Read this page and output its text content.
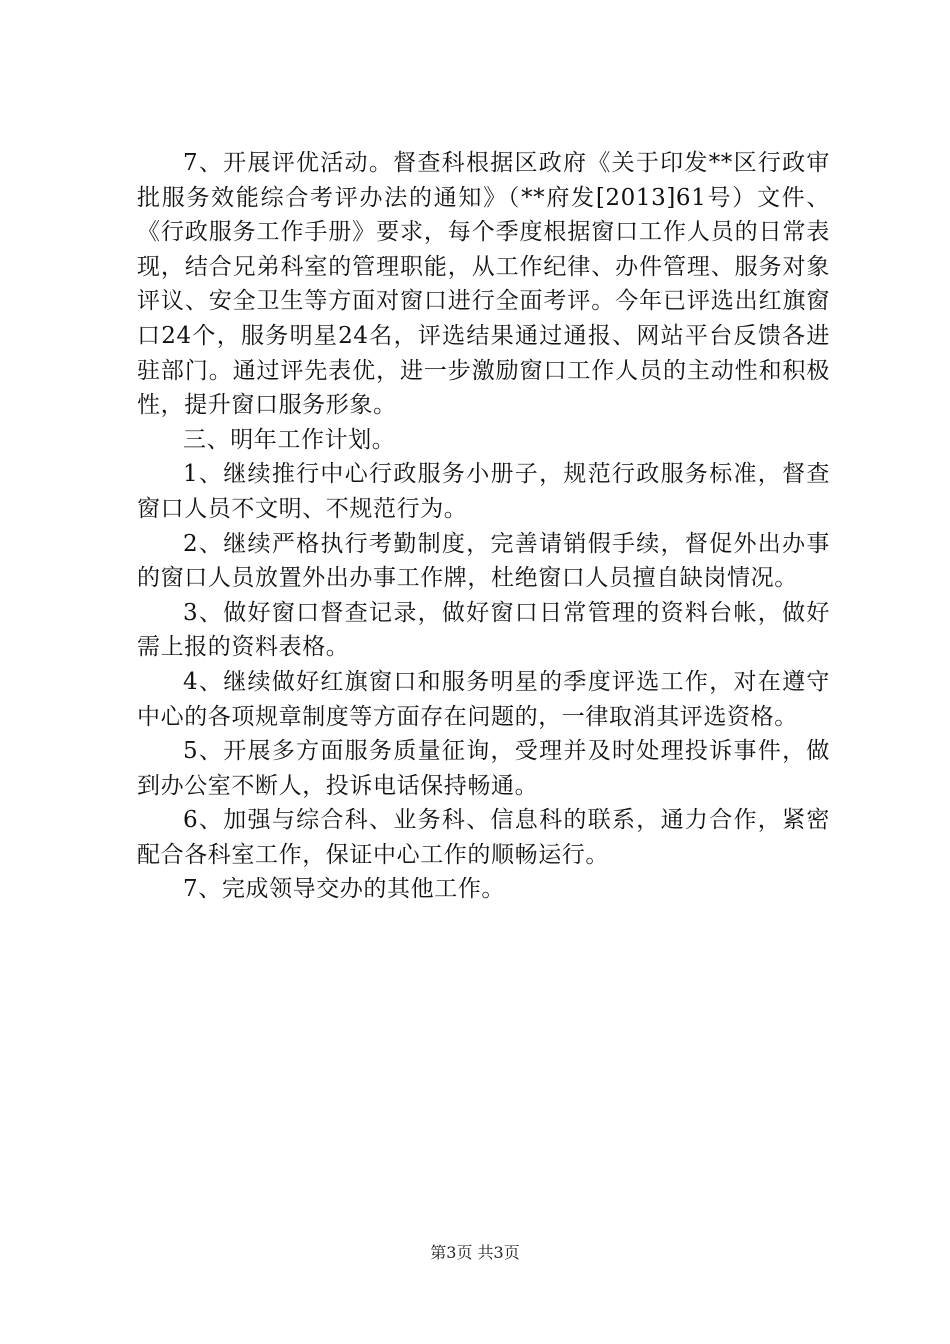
7、开展评优活动。督查科根据区政府《关于印发**区行政审批服务效能综合考评办法的通知》（**府发[2013]61号）文件、《行政服务工作手册》要求，每个季度根据窗口工作人员的日常表现，结合兄弟科室的管理职能，从工作纪律、办件管理、服务对象评议、安全卫生等方面对窗口进行全面考评。今年已评选出红旗窗口24个，服务明星24名，评选结果通过通报、网站平台反馈各进驻部门。通过评先表优，进一步激励窗口工作人员的主动性和积极性，提升窗口服务形象。

三、明年工作计划。

1、继续推行中心行政服务小册子，规范行政服务标准，督查窗口人员不文明、不规范行为。

2、继续严格执行考勤制度，完善请销假手续，督促外出办事的窗口人员放置外出办事工作牌，杜绝窗口人员擅自缺岗情况。

3、做好窗口督查记录，做好窗口日常管理的资料台帐，做好需上报的资料表格。

4、继续做好红旗窗口和服务明星的季度评选工作，对在遵守中心的各项规章制度等方面存在问题的，一律取消其评选资格。

5、开展多方面服务质量征询，受理并及时处理投诉事件，做到办公室不断人，投诉电话保持畅通。

6、加强与综合科、业务科、信息科的联系，通力合作，紧密配合各科室工作，保证中心工作的顺畅运行。

7、完成领导交办的其他工作。

第3页 共3页
